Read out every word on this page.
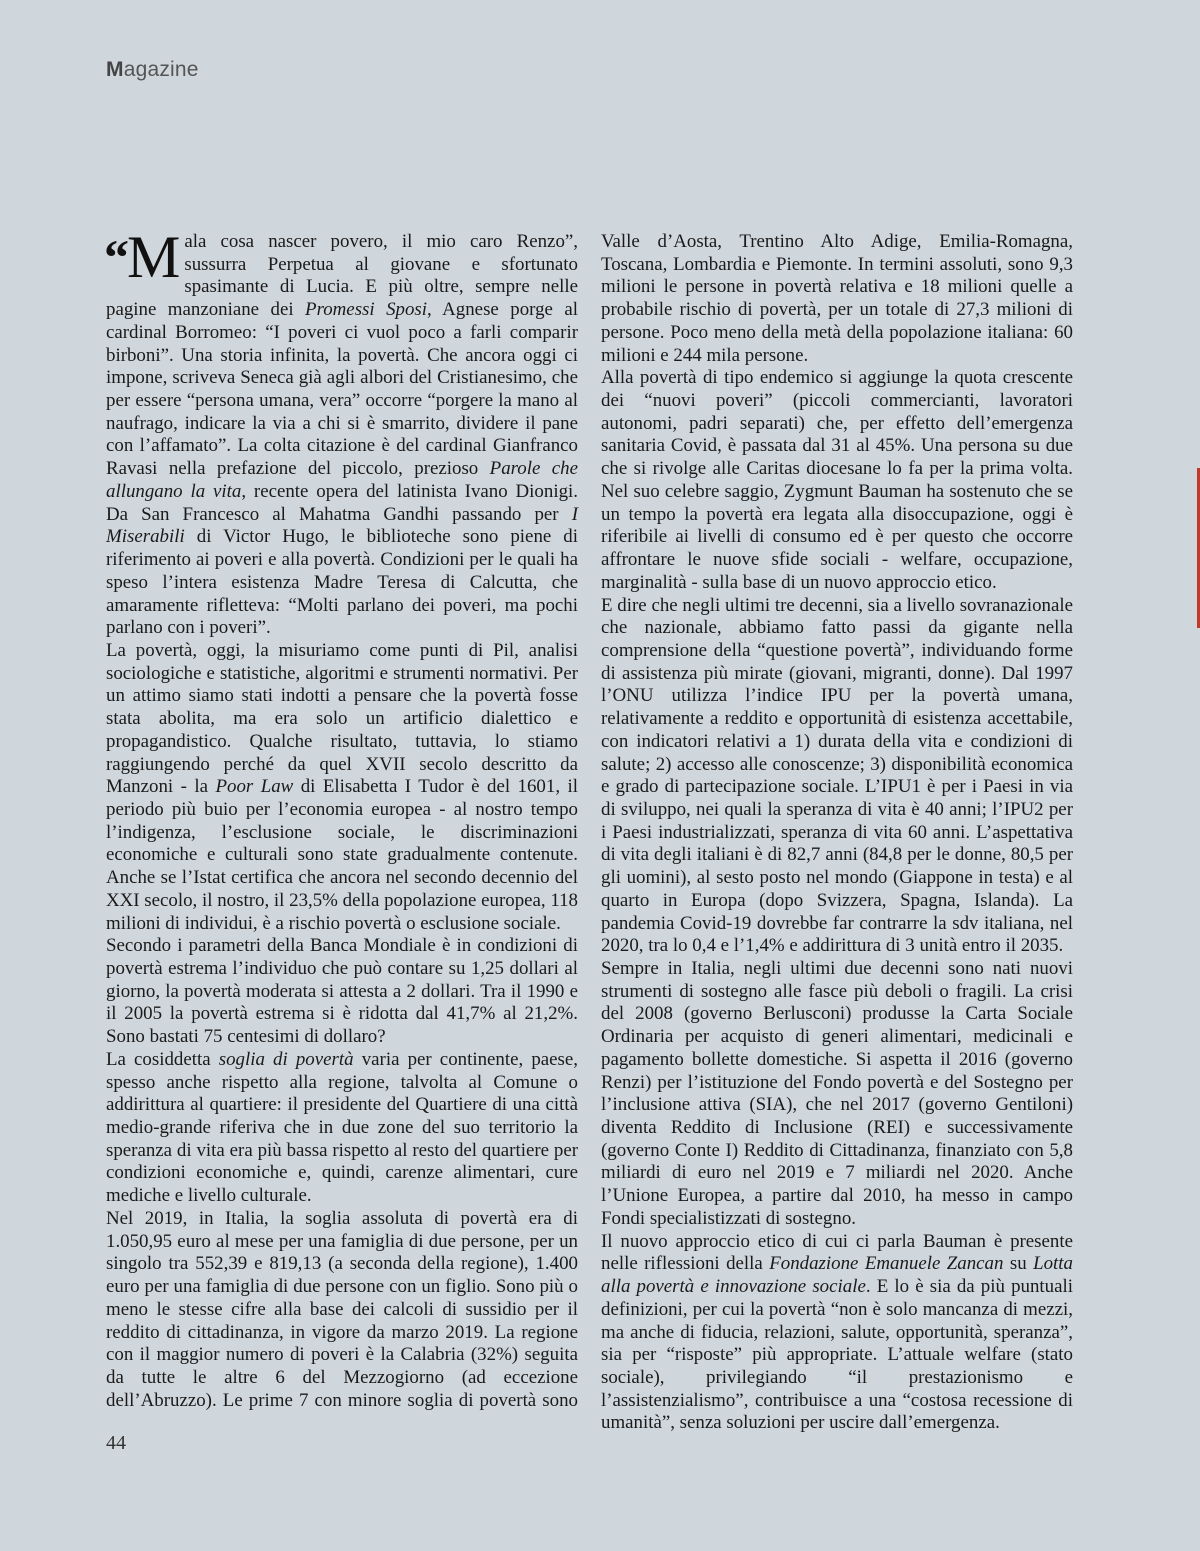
Magazine

“M ala cosa nascer povero, il mio caro Renzo”, sussurra Perpetua al giovane e sfortunato spasimante di Lucia. E più oltre, sempre nelle pagine manzoniane dei Promessi Sposi, Agnese porge al cardinal Borromeo: “I poveri ci vuol poco a farli comparir birboni”. Una storia infinita, la povertà. Che ancora oggi ci impone, scriveva Seneca già agli albori del Cristianesimo, che per essere “persona umana, vera” occorre “porgere la mano al naufrago, indicare la via a chi si è smarrito, dividere il pane con l’affamato”. La colta citazione è del cardinal Gianfranco Ravasi nella prefazione del piccolo, prezioso Parole che allungano la vita, recente opera del latinista Ivano Dionigi. Da San Francesco al Mahatma Gandhi passando per I Miserabili di Victor Hugo, le biblioteche sono piene di riferimento ai poveri e alla povertà. Condizioni per le quali ha speso l’intera esistenza Madre Teresa di Calcutta, che amaramente rifletteva: “Molti parlano dei poveri, ma pochi parlano con i poveri”.

La povertà, oggi, la misuriamo come punti di Pil, analisi sociologiche e statistiche, algoritmi e strumenti normativi. Per un attimo siamo stati indotti a pensare che la povertà fosse stata abolita, ma era solo un artificio dialettico e propagandistico. Qualche risultato, tuttavia, lo stiamo raggiungendo perché da quel XVII secolo descritto da Manzoni - la Poor Law di Elisabetta I Tudor è del 1601, il periodo più buio per l’economia europea - al nostro tempo l’indigenza, l’esclusione sociale, le discriminazioni economiche e culturali sono state gradualmente contenute. Anche se l’Istat certifica che ancora nel secondo decennio del XXI secolo, il nostro, il 23,5% della popolazione europea, 118 milioni di individui, è a rischio povertà o esclusione sociale.

Secondo i parametri della Banca Mondiale è in condizioni di povertà estrema l’individuo che può contare su 1,25 dollari al giorno, la povertà moderata si attesta a 2 dollari. Tra il 1990 e il 2005 la povertà estrema si è ridotta dal 41,7% al 21,2%. Sono bastati 75 centesimi di dollaro?

La cosiddetta soglia di povertà varia per continente, paese, spesso anche rispetto alla regione, talvolta al Comune o addirittura al quartiere: il presidente del Quartiere di una città medio-grande riferiva che in due zone del suo territorio la speranza di vita era più bassa rispetto al resto del quartiere per condizioni economiche e, quindi, carenze alimentari, cure mediche e livello culturale.

Nel 2019, in Italia, la soglia assoluta di povertà era di 1.050,95 euro al mese per una famiglia di due persone, per un singolo tra 552,39 e 819,13 (a seconda della regione), 1.400 euro per una famiglia di due persone con un figlio. Sono più o meno le stesse cifre alla base dei calcoli di sussidio per il reddito di cittadinanza, in vigore da marzo 2019. La regione con il maggior numero di poveri è la Calabria (32%) seguita da tutte le altre 6 del Mezzogiorno (ad eccezione dell’Abruzzo). Le prime 7 con minore soglia di povertà sono

Valle d’Aosta, Trentino Alto Adige, Emilia-Romagna, Toscana, Lombardia e Piemonte. In termini assoluti, sono 9,3 milioni le persone in povertà relativa e 18 milioni quelle a probabile rischio di povertà, per un totale di 27,3 milioni di persone. Poco meno della metà della popolazione italiana: 60 milioni e 244 mila persone.

Alla povertà di tipo endemico si aggiunge la quota crescente dei “nuovi poveri” (piccoli commercianti, lavoratori autonomi, padri separati) che, per effetto dell’emergenza sanitaria Covid, è passata dal 31 al 45%. Una persona su due che si rivolge alle Caritas diocesane lo fa per la prima volta. Nel suo celebre saggio, Zygmunt Bauman ha sostenuto che se un tempo la povertà era legata alla disoccupazione, oggi è riferibile ai livelli di consumo ed è per questo che occorre affrontare le nuove sfide sociali - welfare, occupazione, marginalità - sulla base di un nuovo approccio etico.

E dire che negli ultimi tre decenni, sia a livello sovranazionale che nazionale, abbiamo fatto passi da gigante nella comprensione della “questione povertà”, individuando forme di assistenza più mirate (giovani, migranti, donne). Dal 1997 l’ONU utilizza l’indice IPU per la povertà umana, relativamente a reddito e opportunità di esistenza accettabile, con indicatori relativi a 1) durata della vita e condizioni di salute; 2) accesso alle conoscenze; 3) disponibilità economica e grado di partecipazione sociale. L’IPU1 è per i Paesi in via di sviluppo, nei quali la speranza di vita è 40 anni; l’IPU2 per i Paesi industrializzati, speranza di vita 60 anni. L’aspettativa di vita degli italiani è di 82,7 anni (84,8 per le donne, 80,5 per gli uomini), al sesto posto nel mondo (Giappone in testa) e al quarto in Europa (dopo Svizzera, Spagna, Islanda). La pandemia Covid-19 dovrebbe far contrarre la sdv italiana, nel 2020, tra lo 0,4 e l’1,4% e addirittura di 3 unità entro il 2035.

Sempre in Italia, negli ultimi due decenni sono nati nuovi strumenti di sostegno alle fasce più deboli o fragili. La crisi del 2008 (governo Berlusconi) produsse la Carta Sociale Ordinaria per acquisto di generi alimentari, medicinali e pagamento bollette domestiche. Si aspetta il 2016 (governo Renzi) per l’istituzione del Fondo povertà e del Sostegno per l’inclusione attiva (SIA), che nel 2017 (governo Gentiloni) diventa Reddito di Inclusione (REI) e successivamente (governo Conte I) Reddito di Cittadinanza, finanziato con 5,8 miliardi di euro nel 2019 e 7 miliardi nel 2020. Anche l’Unione Europea, a partire dal 2010, ha messo in campo Fondi specialistizzati di sostegno.

Il nuovo approccio etico di cui ci parla Bauman è presente nelle riflessioni della Fondazione Emanuele Zancan su Lotta alla povertà e innovazione sociale. E lo è sia da più puntuali definizioni, per cui la povertà “non è solo mancanza di mezzi, ma anche di fiducia, relazioni, salute, opportunità, speranza”, sia per “risposte” più appropriate. L’attuale welfare (stato sociale), privilegiando “il prestazionismo e l’assistenzialismo”, contribuisce a una “costosa recessione di umanità”, senza soluzioni per uscire dall’emergenza.

44
